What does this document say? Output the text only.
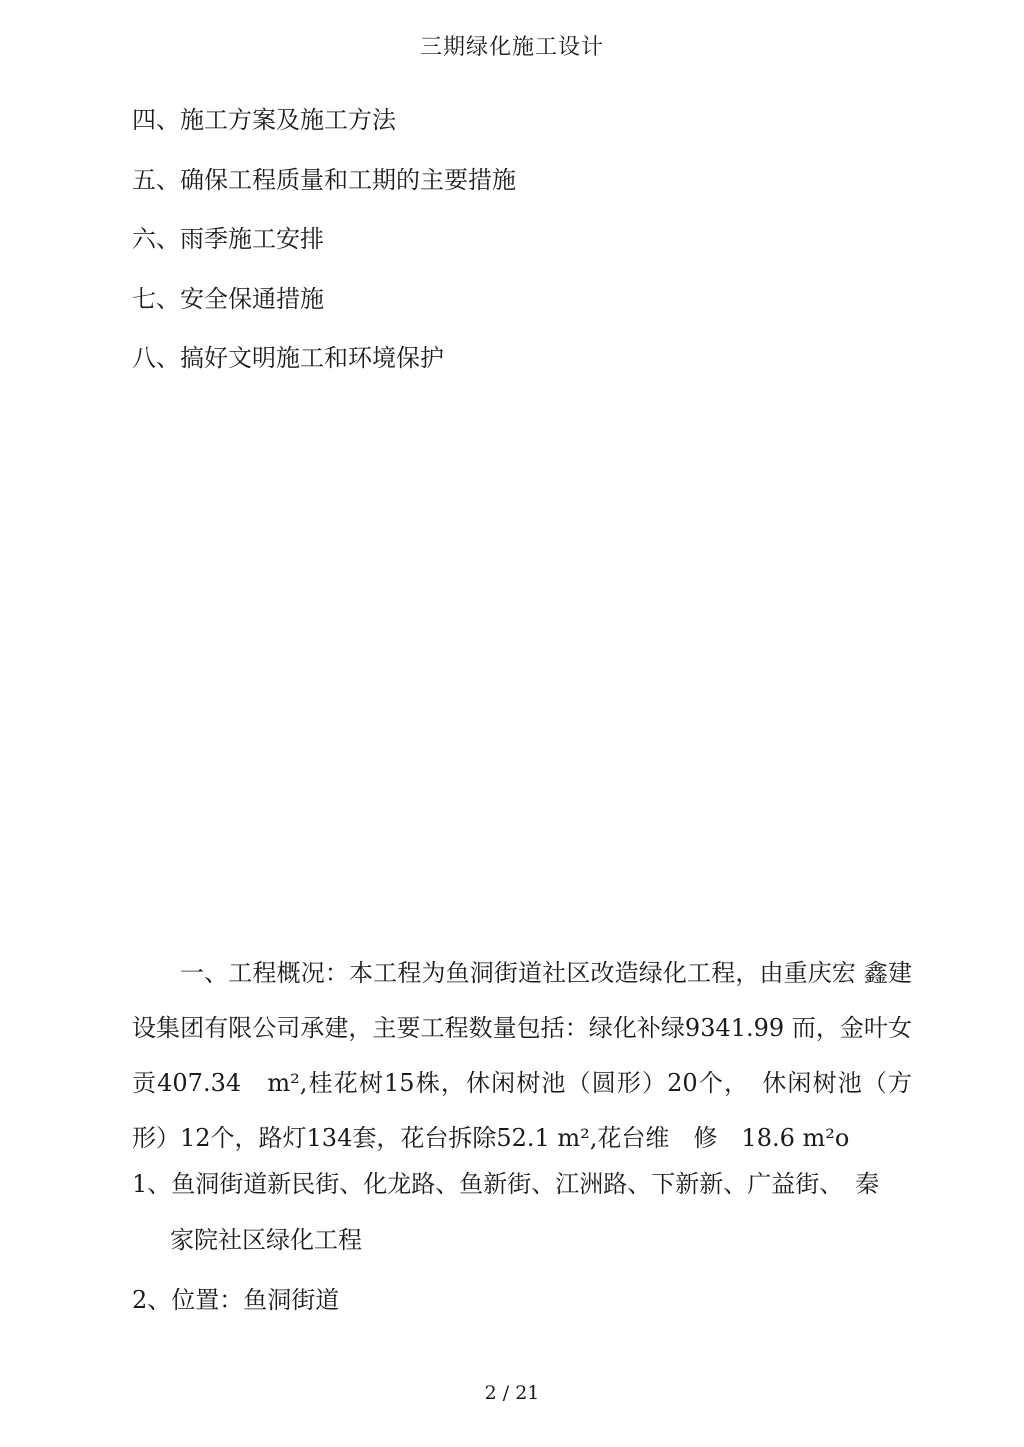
三期绿化施工设计
四、施工方案及施工方法
五、确保工程质量和工期的主要措施
六、雨季施工安排
七、安全保通措施
八、搞好文明施工和环境保护

一、工程概况：本工程为鱼洞街道社区改造绿化工程，由重庆宏 鑫建设集团有限公司承建，主要工程数量包括：绿化补绿9341.99 而，金叶女贡407.34　m²,桂花树15株，休闲树池（圆形）20个，　休闲树池（方形）12个，路灯134套，花台拆除52.1 m²,花台维　修　18.6 m²o

1、鱼洞街道新民街、化龙路、鱼新街、江洲路、下新新、广益街、　秦

家院社区绿化工程

2、位置：鱼洞街道

2 / 21
